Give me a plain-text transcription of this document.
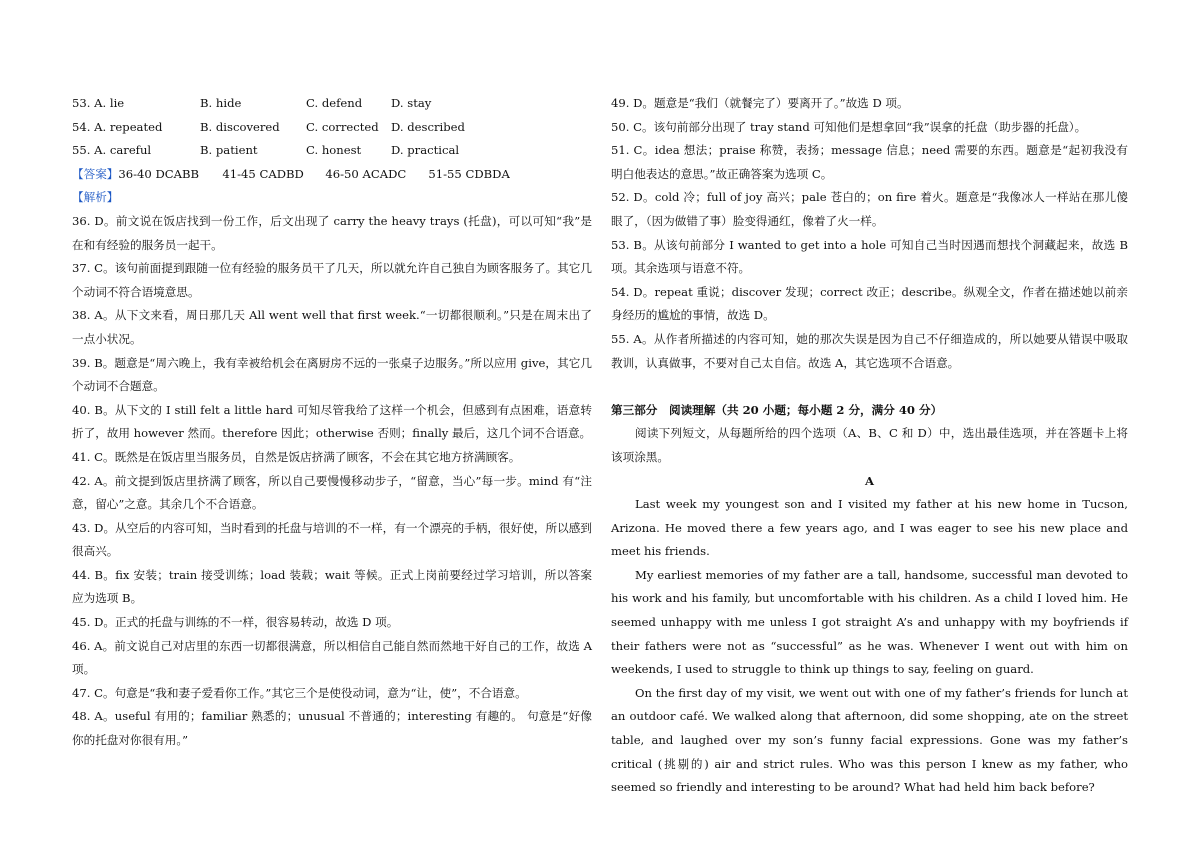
53. A. lie	B. hide	C. defend	D. stay
54. A. repeated	B. discovered	C. corrected	D. described
55. A. careful	B. patient	C. honest	D. practical
【答案】36-40 DCABB 41-45 CADBD 46-50 ACADC 51-55 CDBDA

【解析】

36. D。前文说在饭店找到一份工作，后文出现了 carry the heavy trays (托盘)，可以可知“我”是在和有经验的服务员一起干。

37. C。该句前面提到跟随一位有经验的服务员干了几天，所以就允许自己独自为顾客服务了。其它几个动词不符合语境意思。

38. A。从下文来看，周日那几天 All went well that first week.“一切都很顺利。”只是在周末出了一点小状况。

39. B。题意是“周六晚上，我有幸被给机会在离厨房不远的一张桌子边服务。”所以应用 give，其它几个动词不合题意。

40. B。从下文的 I still felt a little hard 可知尽管我给了这样一个机会，但感到有点困难，语意转折了，故用 however 然而。therefore 因此；otherwise 否则；finally 最后，这几个词不合语意。

41. C。既然是在饭店里当服务员，自然是饭店挤满了顾客，不会在其它地方挤满顾客。

42. A。前文提到饭店里挤满了顾客，所以自己要慢慢移动步子，“留意，当心”每一步。mind 有“注意，留心”之意。其余几个不合语意。

43. D。从空后的内容可知，当时看到的托盘与培训的不一样，有一个漂亮的手柄，很好使，所以感到很高兴。

44. B。fix 安装；train 接受训练；load 装载；wait 等候。正式上岗前要经过学习培训，所以答案应为选项 B。

45. D。正式的托盘与训练的不一样，很容易转动，故选 D 项。

46. A。前文说自己对店里的东西一切都很满意，所以相信自己能自然而然地干好自己的工作，故选 A 项。

47. C。句意是“我和妻子爱看你工作。”其它三个是使役动词，意为“让，使”，不合语意。

48. A。useful 有用的；familiar 熟悉的；unusual 不普通的；interesting 有趣的。 句意是“好像你的托盘对你很有用。”

49. D。题意是“我们（就餐完了）要离开了。”故选 D 项。

50. C。该句前部分出现了 tray stand 可知他们是想拿回“我”误拿的托盘（助步器的托盘）。

51. C。idea 想法；praise 称赞，表扬；message 信息；need 需要的东西。题意是“起初我没有明白他表达的意思。”故正确答案为选项 C。

52. D。cold 冷；full of joy 高兴；pale 苍白的；on fire 着火。题意是“我像冰人一样站在那儿傻眼了，（因为做错了事）脸变得通红，像着了火一样。

53. B。从该句前部分 I wanted to get into a hole 可知自己当时因遇而想找个洞藏起来，故选 B 项。其余选项与语意不符。

54. D。repeat 重说；discover 发现；correct 改正；describe。纵观全文，作者在描述她以前亲身经历的尴尬的事情，故选 D。

55. A。从作者所描述的内容可知，她的那次失误是因为自己不仔细造成的，所以她要从错误中吸取教训，认真做事，不要对自己太自信。故选 A，其它选项不合语意。

第三部分　阅读理解（共 20 小题；每小题 2 分，满分 40 分）

阅读下列短文，从每题所给的四个选项（A、B、C 和 D）中，选出最佳选项，并在答题卡上将该项涂黑。

A

Last week my youngest son and I visited my father at his new home in Tucson, Arizona. He moved there a few years ago, and I was eager to see his new place and meet his friends.

My earliest memories of my father are a tall, handsome, successful man devoted to his work and his family, but uncomfortable with his children. As a child I loved him. He seemed unhappy with me unless I got straight A’s and unhappy with my boyfriends if their fathers were not as “successful” as he was. Whenever I went out with him on weekends, I used to struggle to think up things to say, feeling on guard.

On the first day of my visit, we went out with one of my father’s friends for lunch at an outdoor café. We walked along that afternoon, did some shopping, ate on the street table, and laughed over my son’s funny facial expressions. Gone was my father’s critical (挑剔的) air and strict rules. Who was this person I knew as my father, who seemed so friendly and interesting to be around? What had held him back before?
